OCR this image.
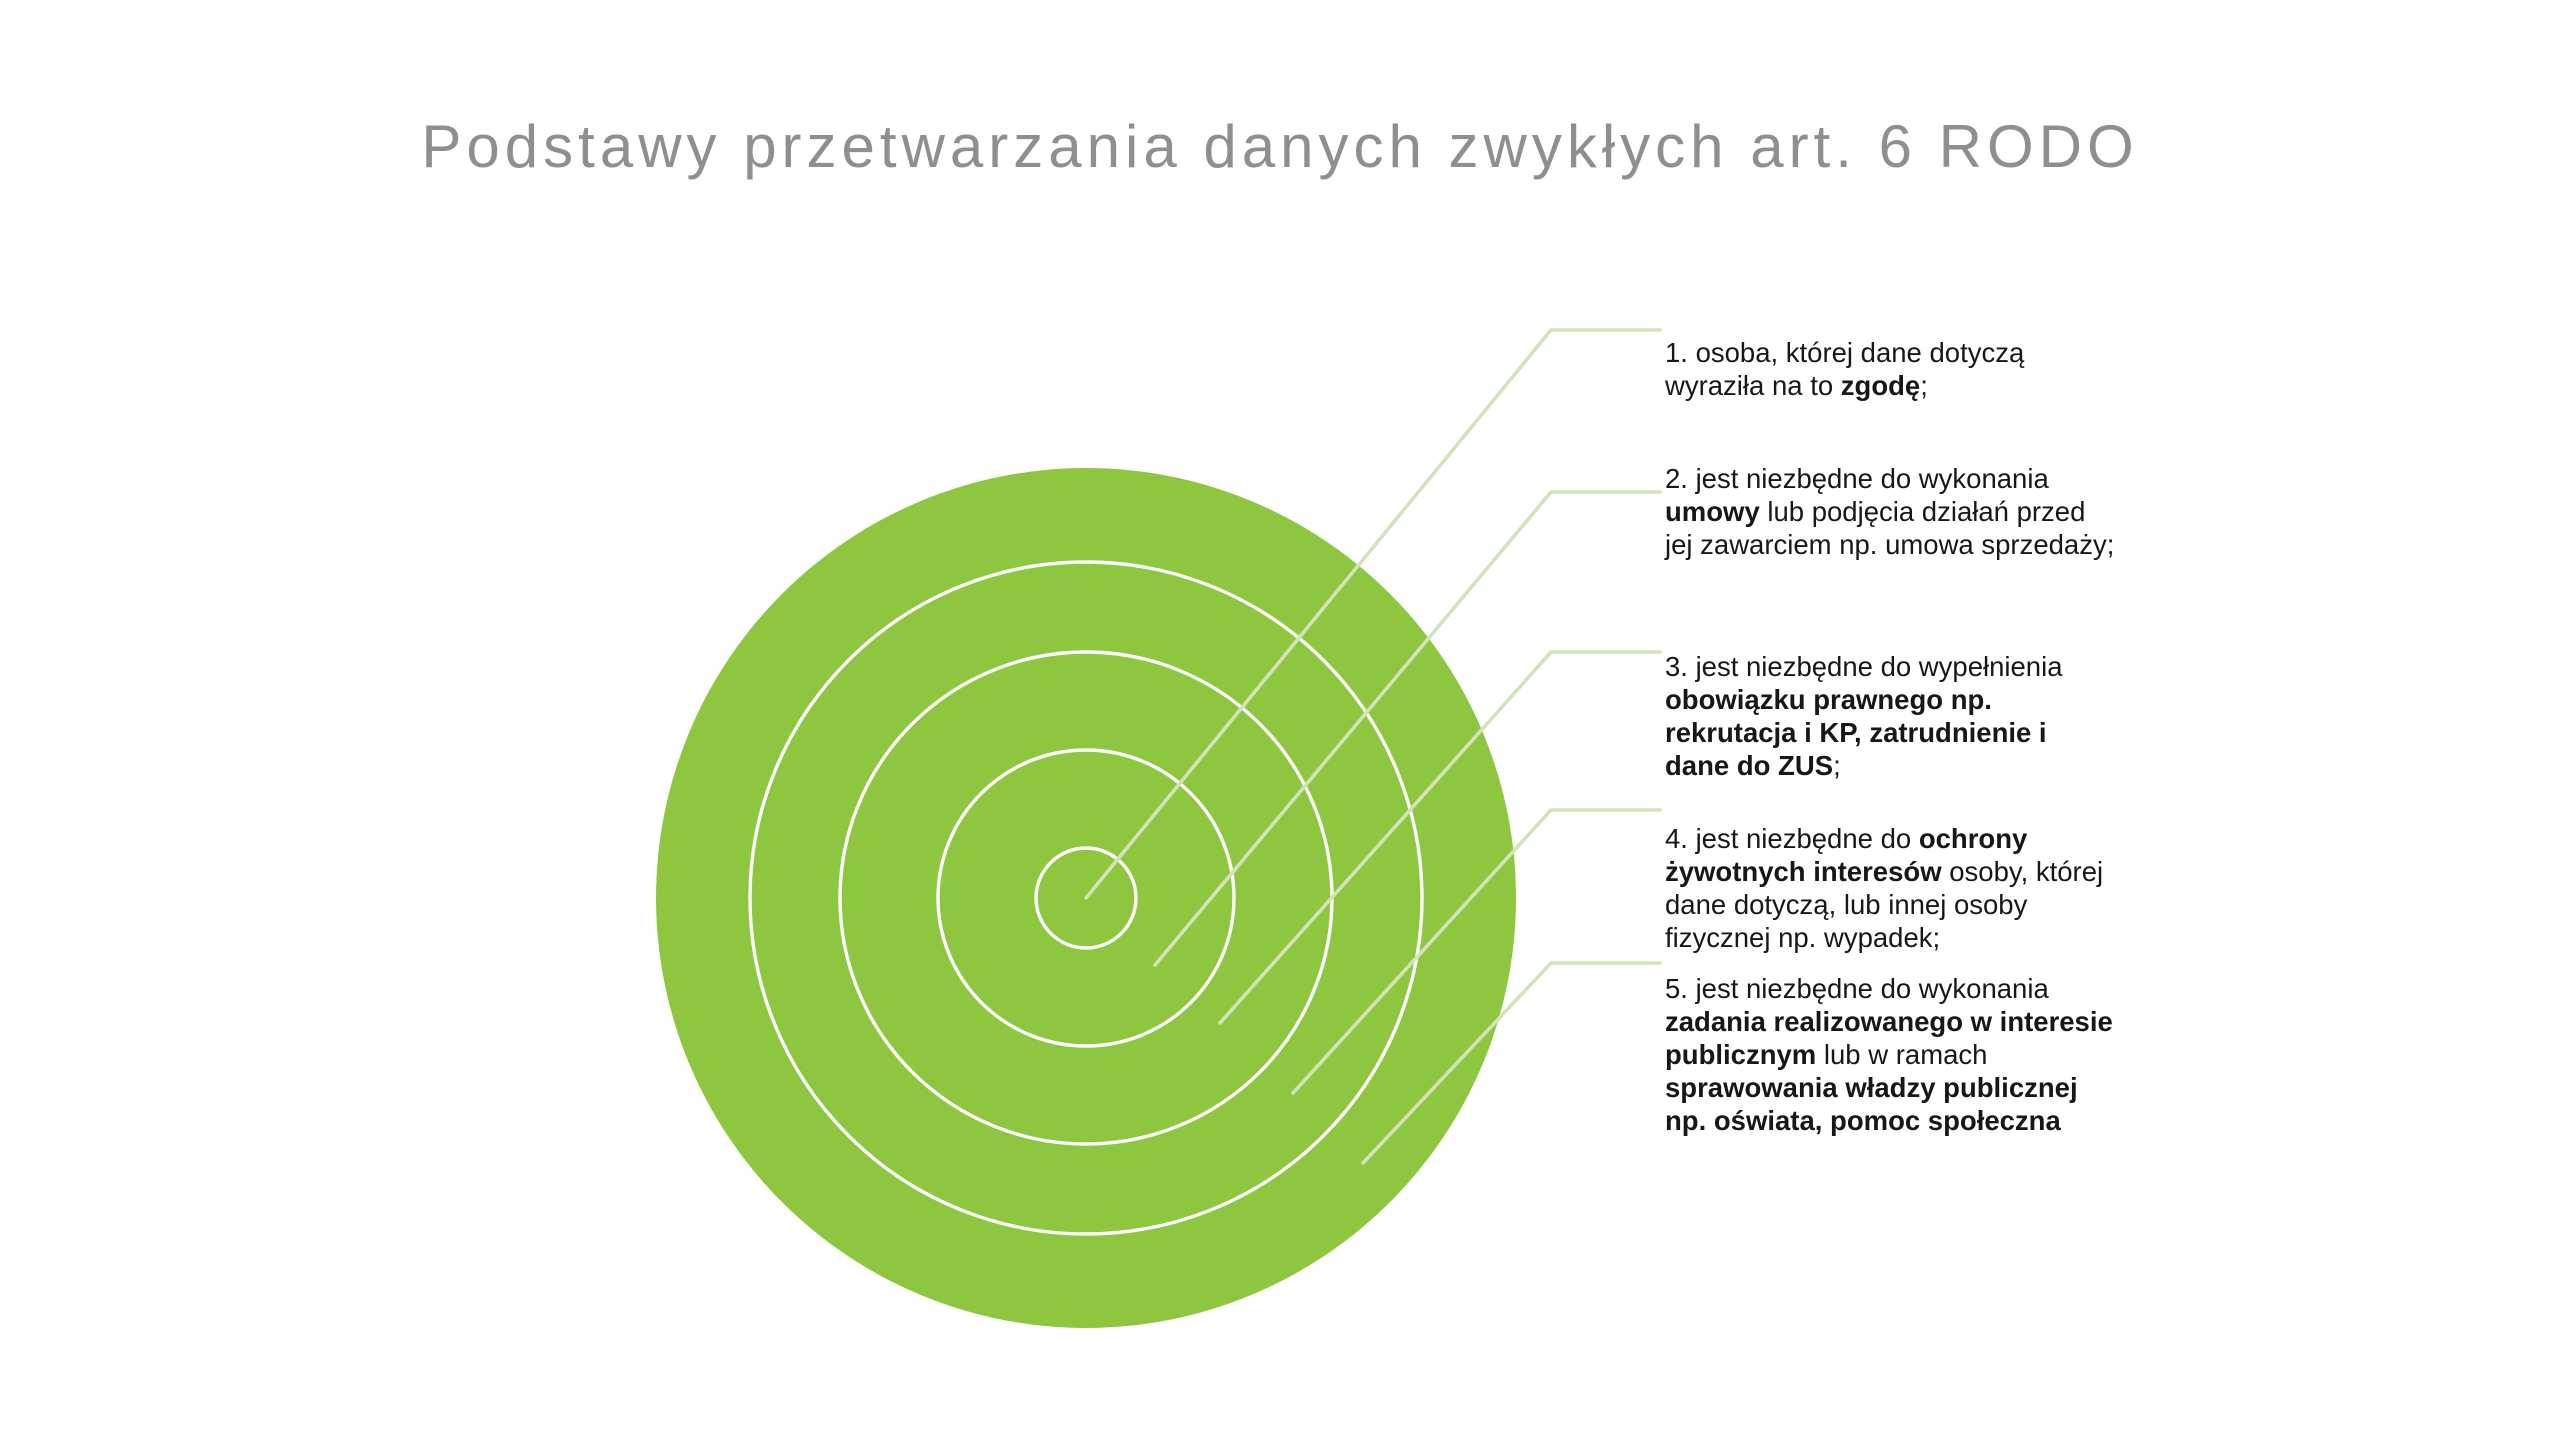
Podstawy przetwarzania danych zwykłych art. 6 RODO
1. osoba, której dane dotyczą wyraziła na to zgodę;
2. jest niezbędne do wykonania umowy lub podjęcia działań przed jej zawarciem np. umowa sprzedaży;
3. jest niezbędne do wypełnienia obowiązku prawnego np. rekrutacja i KP, zatrudnienie i dane do ZUS;
4. jest niezbędne do ochrony żywotnych interesów osoby, której dane dotyczą, lub innej osoby fizycznej np. wypadek;
5. jest niezbędne do wykonania zadania realizowanego w interesie publicznym lub w ramach sprawowania władzy publicznej np. oświata, pomoc społeczna
